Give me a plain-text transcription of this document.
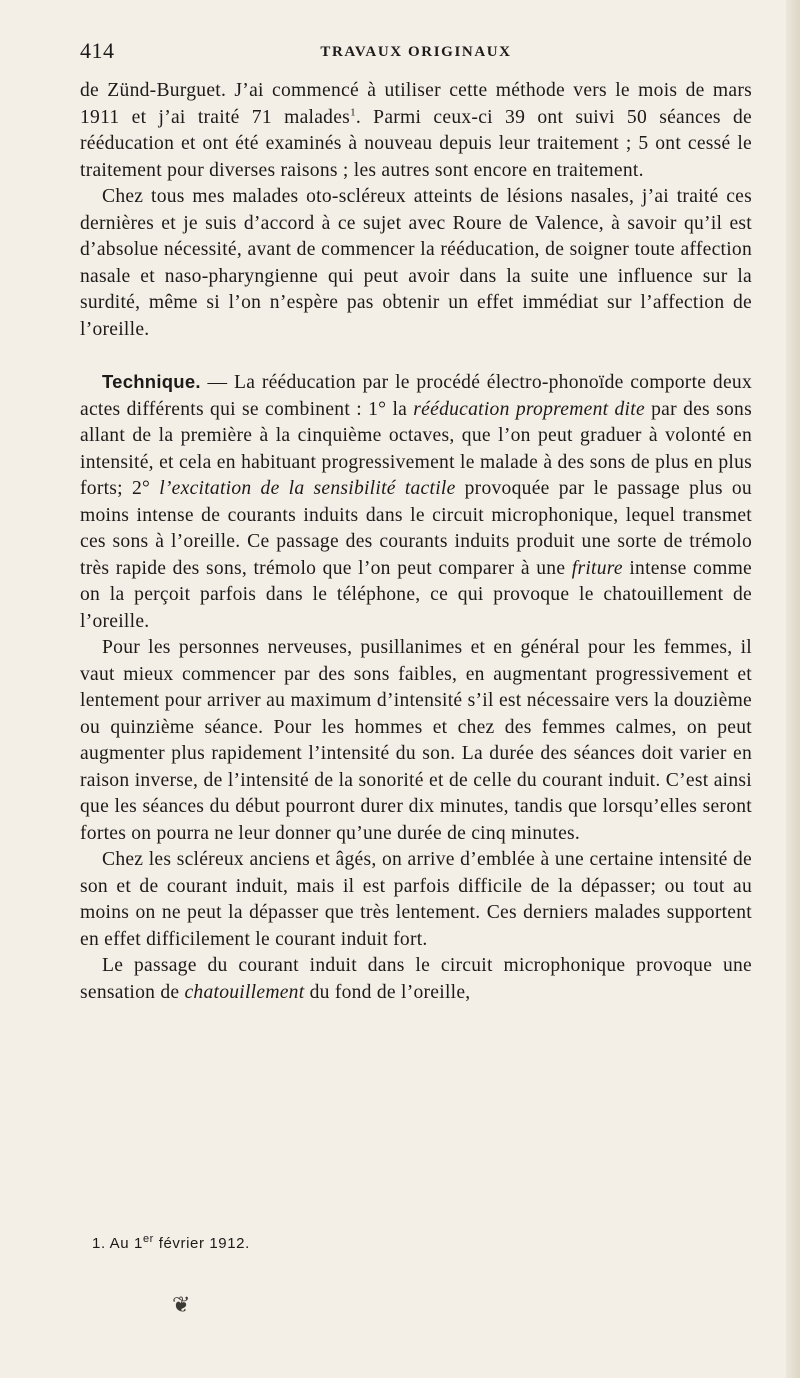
414	TRAVAUX ORIGINAUX

de Zünd-Burguet. J’ai commencé à utiliser cette méthode vers le mois de mars 1911 et j’ai traité 71 malades$^1$. Parmi ceux-ci 39 ont suivi 50 séances de rééducation et ont été examinés à nouveau depuis leur traitement ; 5 ont cessé le traitement pour diverses raisons ; les autres sont encore en traitement.

Chez tous mes malades oto-scléreux atteints de lésions nasales, j’ai traité ces dernières et je suis d’accord à ce sujet avec Roure de Valence, à savoir qu’il est d’absolue nécessité, avant de commencer la rééducation, de soigner toute affection nasale et naso-pharyngienne qui peut avoir dans la suite une influence sur la surdité, même si l’on n’espère pas obtenir un effet immédiat sur l’affection de l’oreille.

Technique. — La rééducation par le procédé électro-phonoïde comporte deux actes différents qui se combinent : 1° la rééducation proprement dite par des sons allant de la première à la cinquième octaves, que l’on peut graduer à volonté en intensité, et cela en habituant progressivement le malade à des sons de plus en plus forts; 2° l’excitation de la sensibilité tactile provoquée par le passage plus ou moins intense de courants induits dans le circuit microphonique, lequel transmet ces sons à l’oreille. Ce passage des courants induits produit une sorte de trémolo très rapide des sons, trémolo que l’on peut comparer à une friture intense comme on la perçoit parfois dans le téléphone, ce qui provoque le chatouillement de l’oreille.

Pour les personnes nerveuses, pusillanimes et en général pour les femmes, il vaut mieux commencer par des sons faibles, en augmentant progressivement et lentement pour arriver au maximum d’intensité s’il est nécessaire vers la douzième ou quinzième séance. Pour les hommes et chez des femmes calmes, on peut augmenter plus rapidement l’intensité du son. La durée des séances doit varier en raison inverse, de l’intensité de la sonorité et de celle du courant induit. C’est ainsi que les séances du début pourront durer dix minutes, tandis que lorsqu’elles seront fortes on pourra ne leur donner qu’une durée de cinq minutes.

Chez les scléreux anciens et âgés, on arrive d’emblée à une certaine intensité de son et de courant induit, mais il est parfois difficile de la dépasser; ou tout au moins on ne peut la dépasser que très lentement. Ces derniers malades supportent en effet difficilement le courant induit fort.

Le passage du courant induit dans le circuit microphonique provoque une sensation de chatouillement du fond de l’oreille,

1. Au 1er février 1912.
❦
